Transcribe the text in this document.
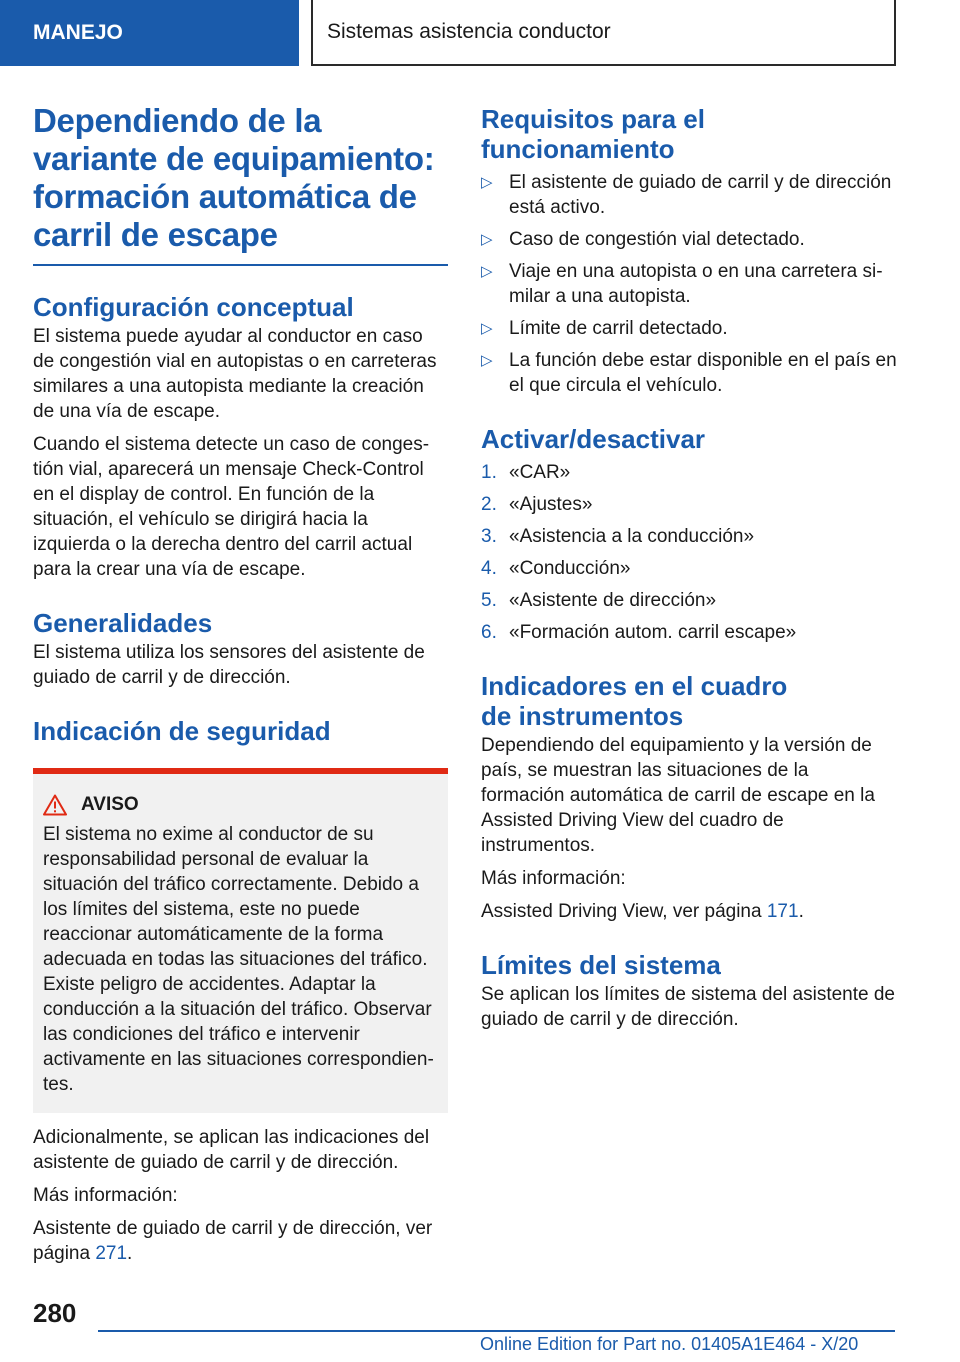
MANEJO	Sistemas asistencia conductor
Dependiendo de la variante de equipamiento: formación automática de carril de escape
Configuración conceptual

El sistema puede ayudar al conductor en caso de congestión vial en autopistas o en carreteras similares a una autopista mediante la creación de una vía de escape.

Cuando el sistema detecte un caso de congestión vial, aparecerá un mensaje Check-Control en el display de control. En función de la situación, el vehículo se dirigirá hacia la izquierda o la derecha dentro del carril actual para la crear una vía de escape.

Generalidades

El sistema utiliza los sensores del asistente de guiado de carril y de dirección.

Indicación de seguridad
AVISO

El sistema no exime al conductor de su responsabilidad personal de evaluar la situación del tráfico correctamente. Debido a los límites del sistema, este no puede reaccionar automáticamente de la forma adecuada en todas las situaciones del tráfico. Existe peligro de accidentes. Adaptar la conducción a la situación del tráfico. Observar las condiciones del tráfico e intervenir activamente en las situaciones correspondientes.

Adicionalmente, se aplican las indicaciones del asistente de guiado de carril y de dirección.

Más información:

Asistente de guiado de carril y de dirección, ver página 271.

Requisitos para el funcionamiento
▷ El asistente de guiado de carril y de dirección está activo.
▷ Caso de congestión vial detectado.
▷ Viaje en una autopista o en una carretera similar a una autopista.
▷ Límite de carril detectado.
▷ La función debe estar disponible en el país en el que circula el vehículo.
Activar/desactivar
1. «CAR»
2. «Ajustes»
3. «Asistencia a la conducción»
4. «Conducción»
5. «Asistente de dirección»
6. «Formación autom. carril escape»
Indicadores en el cuadro
de instrumentos

Dependiendo del equipamiento y la versión de país, se muestran las situaciones de la formación automática de carril de escape en la Assisted Driving View del cuadro de instrumentos.

Más información:

Assisted Driving View, ver página 171.

Límites del sistema

Se aplican los límites de sistema del asistente de guiado de carril y de dirección.

280
Online Edition for Part no. 01405A1E464 - X/20
